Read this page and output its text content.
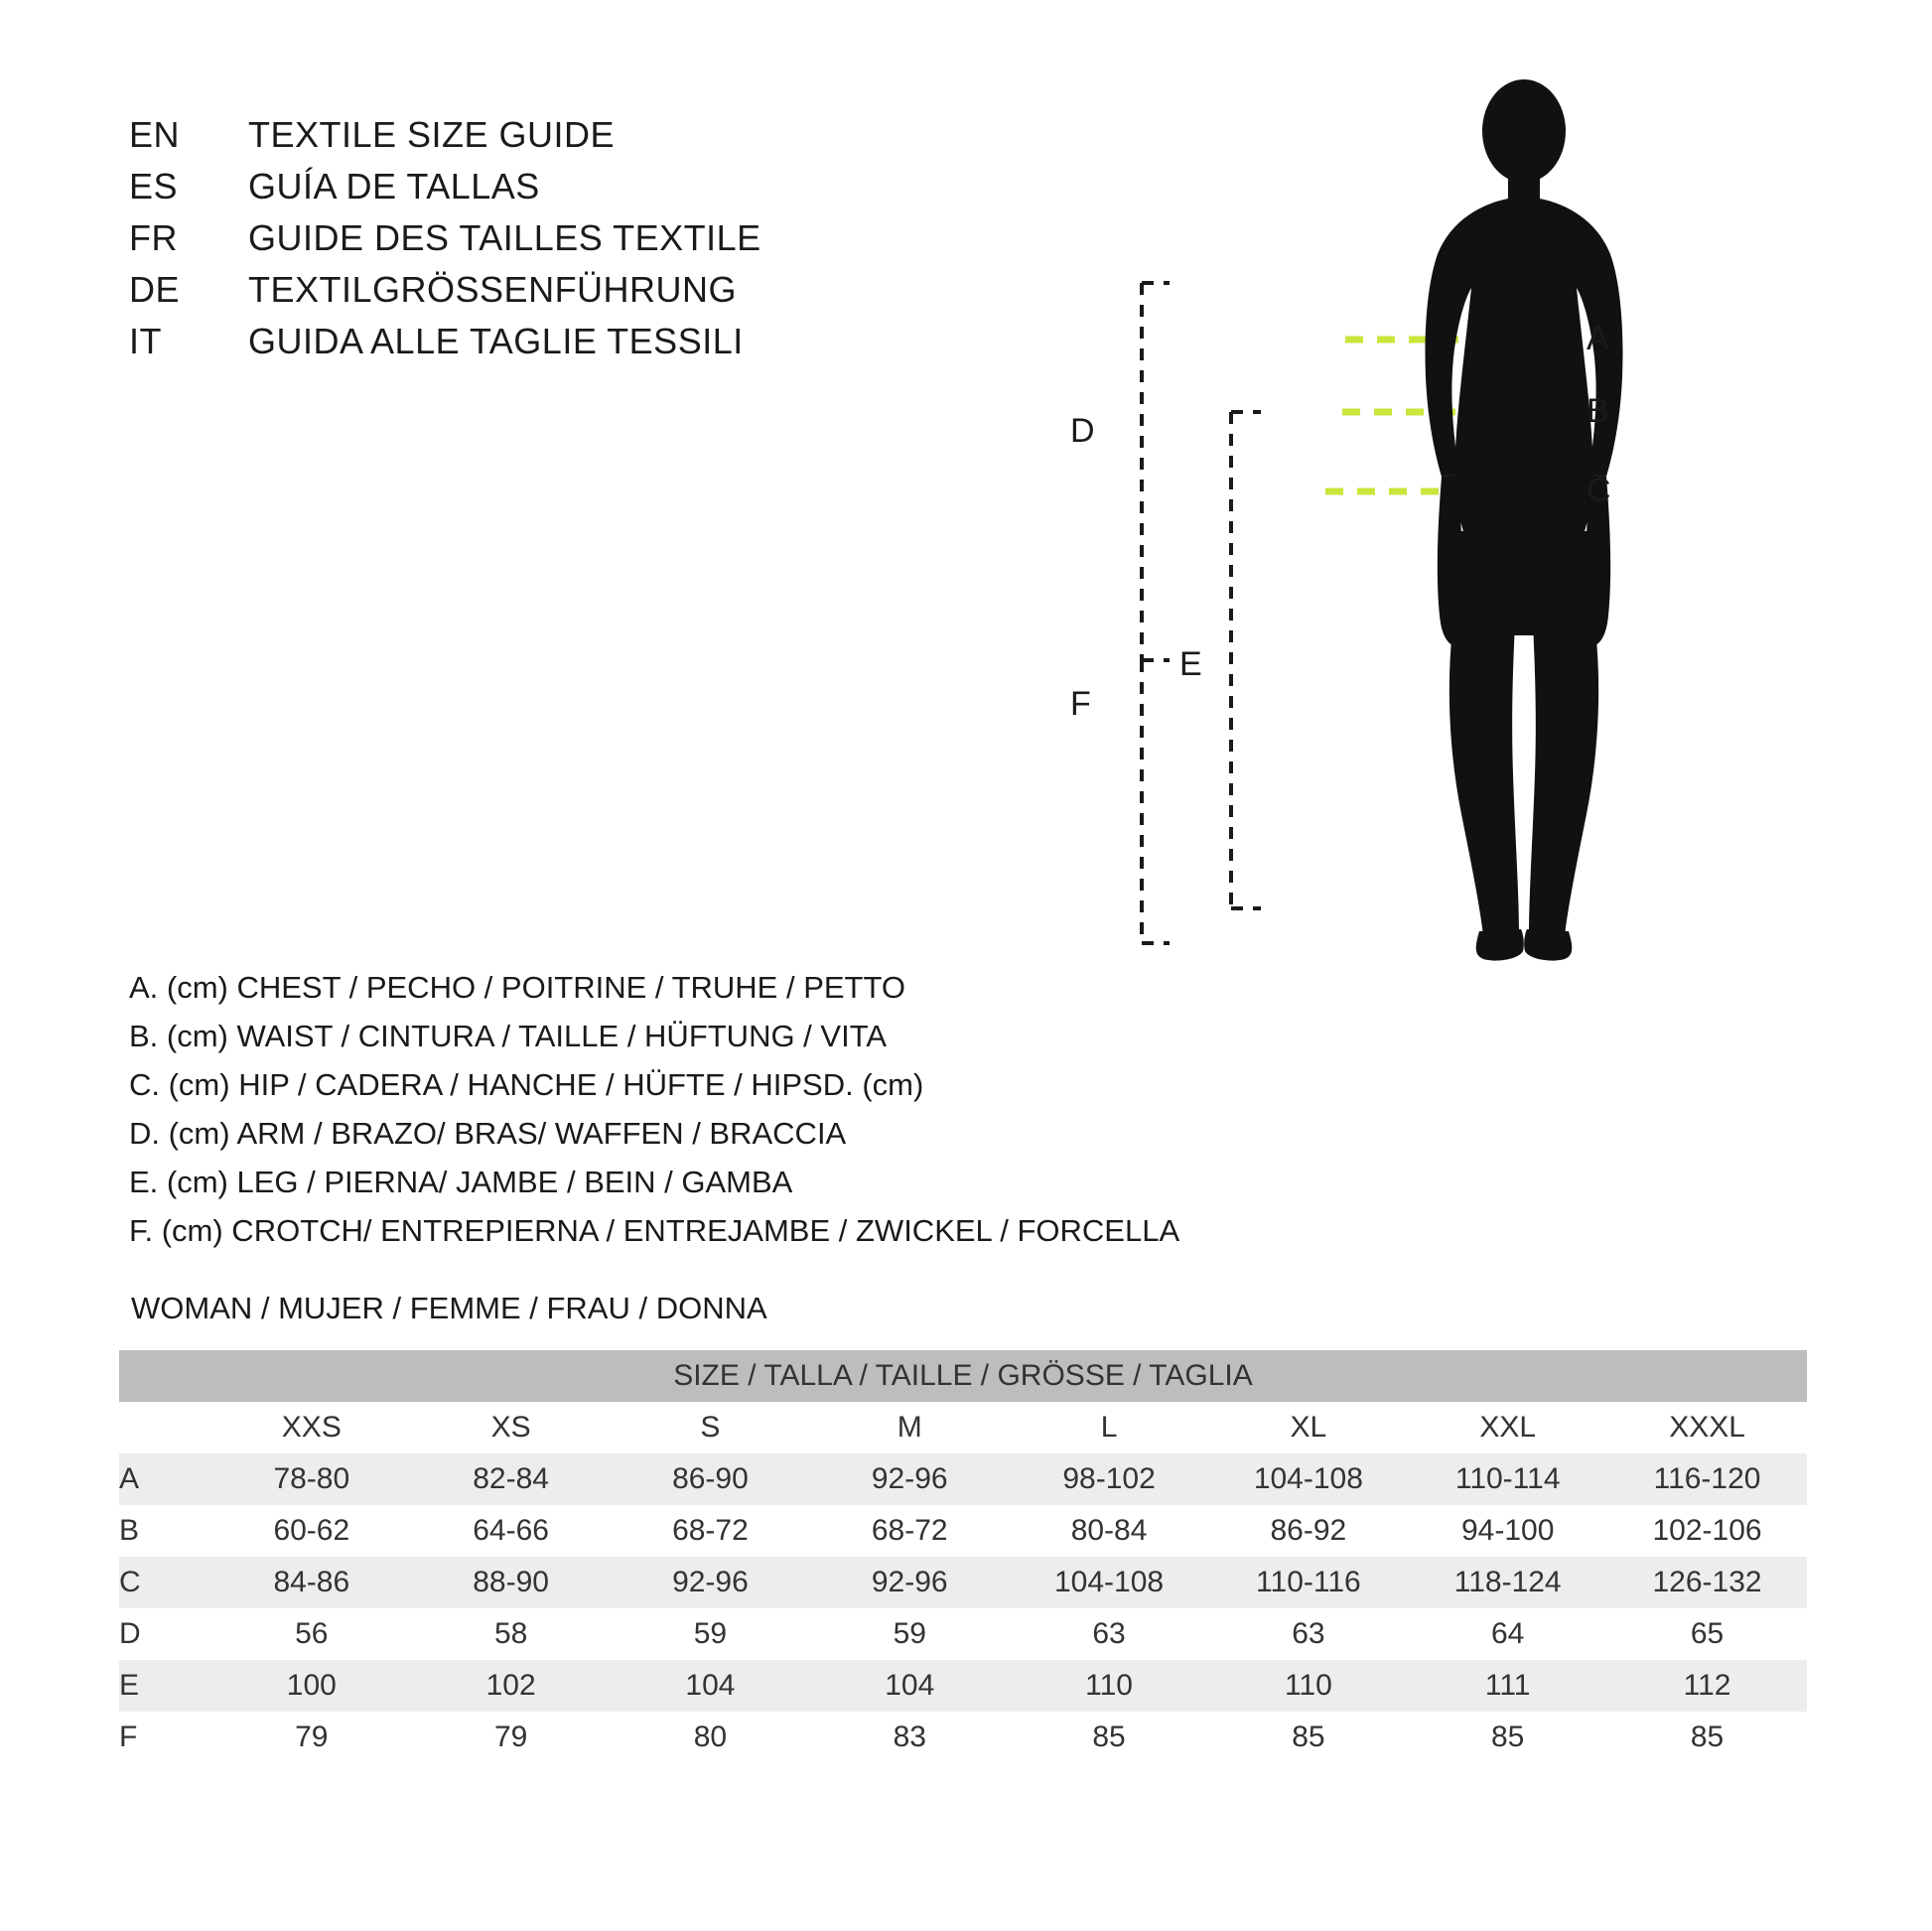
EN	TEXTILE SIZE GUIDE
ES	GUÍA DE TALLAS
FR	GUIDE DES TAILLES TEXTILE
DE	TEXTILGRÖSSENFÜHRUNG
IT	GUIDA ALLE TAGLIE TESSILI
A. (cm) CHEST / PECHO / POITRINE / TRUHE / PETTO
B. (cm) WAIST / CINTURA / TAILLE / HÜFTUNG / VITA
C. (cm) HIP / CADERA / HANCHE / HÜFTE / HIPSD. (cm)
D. (cm) ARM / BRAZO/ BRAS/ WAFFEN / BRACCIA
E. (cm) LEG / PIERNA/ JAMBE / BEIN / GAMBA
F. (cm) CROTCH/ ENTREPIERNA / ENTREJAMBE / ZWICKEL / FORCELLA
WOMAN / MUJER / FEMME / FRAU / DONNA
A
B
C
D
E
F
SIZE / TALLA / TAILLE / GRÖSSE / TAGLIA								
	XXS	XS	S	M	L	XL	XXL	XXXL
A	78-80	82-84	86-90	92-96	98-102	104-108	110-114	116-120
B	60-62	64-66	68-72	68-72	80-84	86-92	94-100	102-106
C	84-86	88-90	92-96	92-96	104-108	110-116	118-124	126-132
D	56	58	59	59	63	63	64	65
E	100	102	104	104	110	110	111	112
F	79	79	80	83	85	85	85	85
